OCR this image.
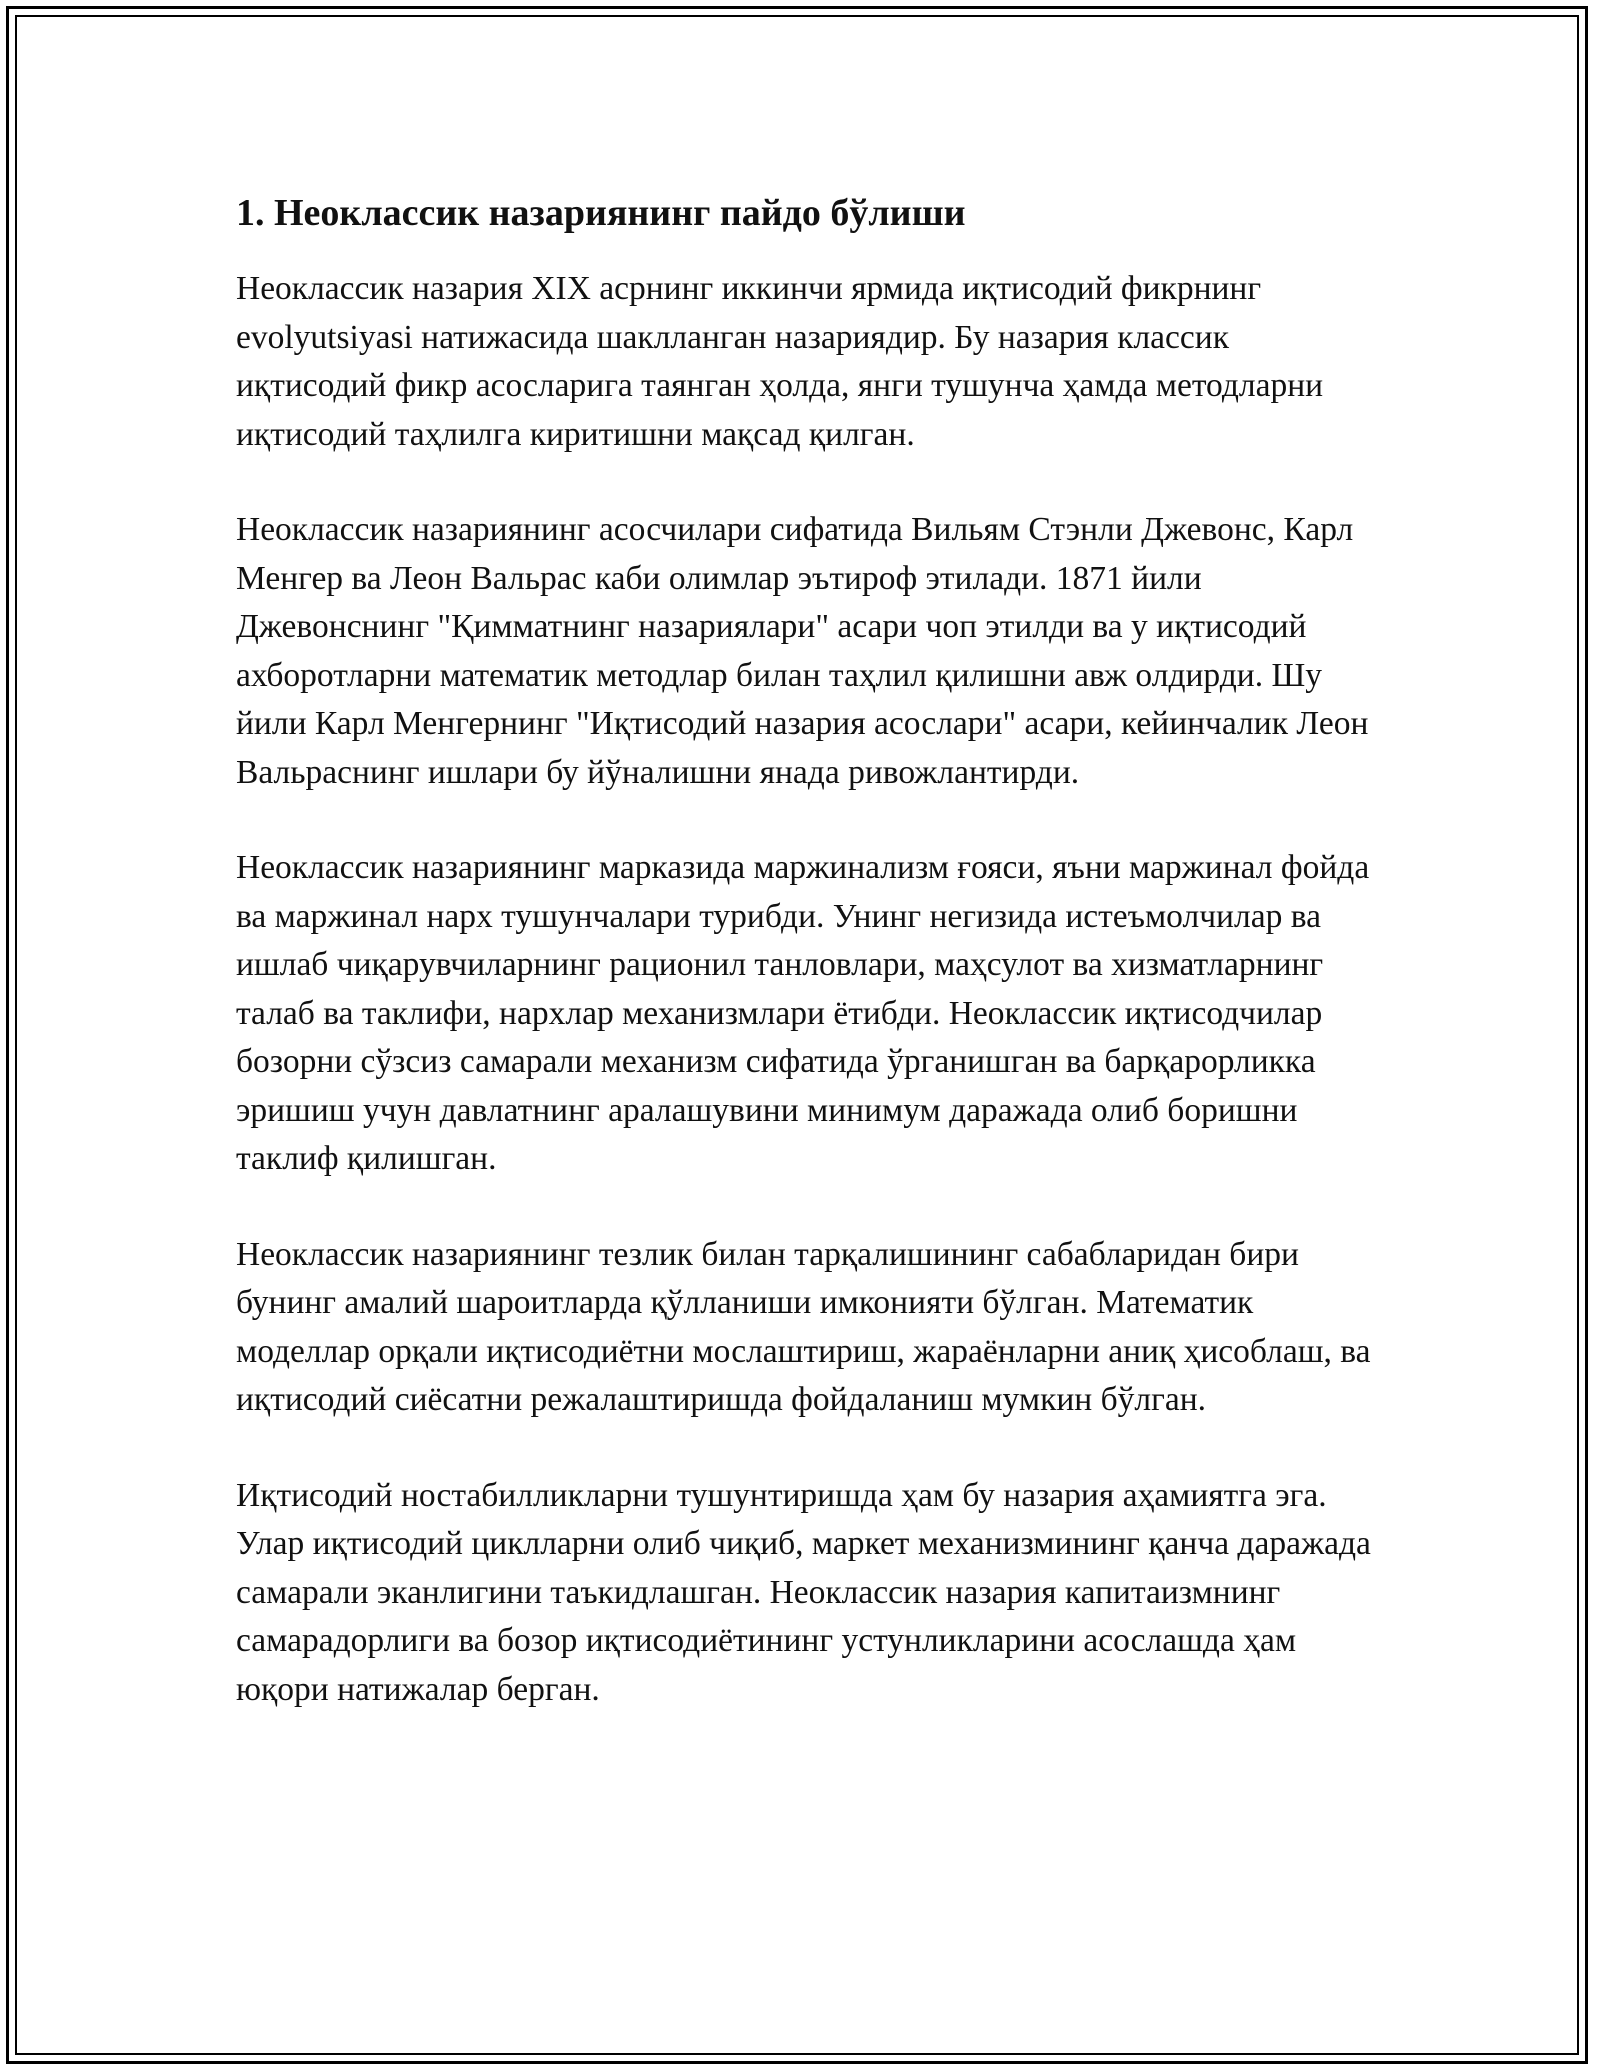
1. Неоклассик назариянинг пайдо бўлиши

Неоклассик назария XIX асрнинг иккинчи ярмида иқтисодий фикрнинг evolyutsiyasi натижасида шаклланган назариядир. Бу назария классик иқтисодий фикр асосларига таянган ҳолда, янги тушунча ҳамда методларни иқтисодий таҳлилга киритишни мақсад қилган.

Неоклассик назариянинг асосчилари сифатида Вильям Стэнли Джевонс, Карл Менгер ва Леон Вальрас каби олимлар эътироф этилади. 1871 йили Джевонснинг "Қимматнинг назариялари" асари чоп этилди ва у иқтисодий ахборотларни математик методлар билан таҳлил қилишни авж олдирди. Шу йили Карл Менгернинг "Иқтисодий назария асослари" асари, кейинчалик Леон Вальраснинг ишлари бу йўналишни янада ривожлантирди.

Неоклассик назариянинг марказида маржинализм ғояси, яъни маржинал фойда ва маржинал нарх тушунчалари турибди. Унинг негизида истеъмолчилар ва ишлаб чиқарувчиларнинг рационил танловлари, маҳсулот ва хизматларнинг талаб ва таклифи, нархлар механизмлари ётибди. Неоклассик иқтисодчилар бозорни сўзсиз самарали механизм сифатида ўрганишган ва барқарорликка эришиш учун давлатнинг аралашувини минимум даражада олиб боришни таклиф қилишган.

Неоклассик назариянинг тезлик билан тарқалишининг сабабларидан бири бунинг амалий шароитларда қўлланиши имконияти бўлган. Математик моделлар орқали иқтисодиётни мослаштириш, жараёнларни аниқ ҳисоблаш, ва иқтисодий сиёсатни режалаштиришда фойдаланиш мумкин бўлган.

Иқтисодий ностабилликларни тушунтиришда ҳам бу назария аҳамиятга эга. Улар иқтисодий циклларни олиб чиқиб, маркет механизмининг қанча даражада самарали эканлигини таъкидлашган. Неоклассик назария капитаизмнинг самарадорлиги ва бозор иқтисодиётининг устунликларини асослашда ҳам юқори натижалар берган.
